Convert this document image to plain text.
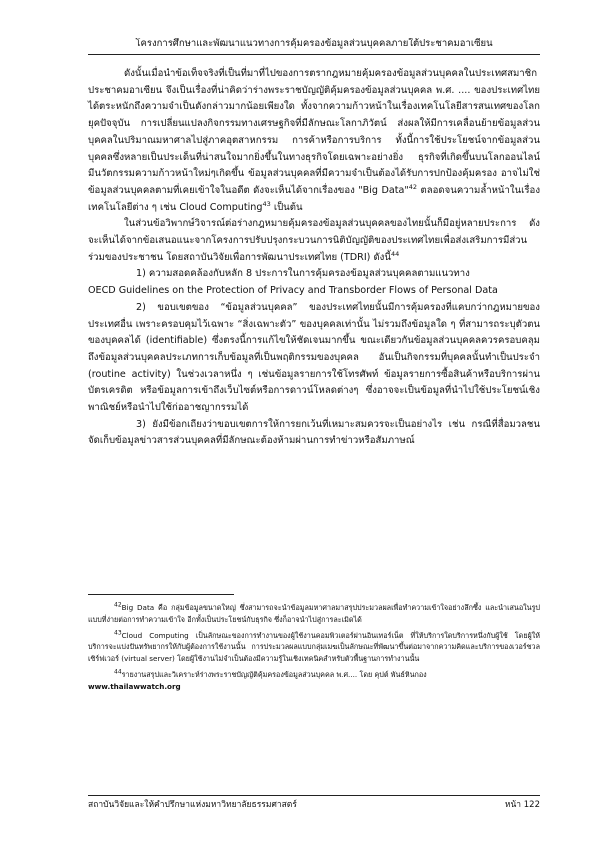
โครงการศึกษาและพัฒนาแนวทางการคุ้มครองข้อมูลส่วนบุคคลภายใต้ประชาคมอาเซียน

ดังนั้นเมื่อนำข้อเท็จจริงที่เป็นที่มาที่ไปของการตรากฎหมายคุ้มครองข้อมูลส่วนบุคคลในประเทศสมาชิกประชาคมอาเซียน จึงเป็นเรื่องที่น่าคิดว่าร่างพระราชบัญญัติคุ้มครองข้อมูลส่วนบุคคล พ.ศ. .... ของประเทศไทยได้ตระหนักถึงความจำเป็นดังกล่าวมากน้อยเพียงใด ทั้งจากความก้าวหน้าในเรื่องเทคโนโลยีสารสนเทศของโลกยุคปัจจุบัน การเปลี่ยนแปลงกิจกรรมทางเศรษฐกิจที่มีลักษณะโลกาภิวัตน์ ส่งผลให้มีการเคลื่อนย้ายข้อมูลส่วนบุคคลในปริมาณมหาศาลไปสู่ภาคอุตสาหกรรม การค้าหรือการบริการ ทั้งนี้การใช้ประโยชน์จากข้อมูลส่วนบุคคลซึ่งหลายเป็นประเด็นที่น่าสนใจมากยิ่งขึ้นในทางธุรกิจโดยเฉพาะอย่างยิ่ง ธุรกิจที่เกิดขึ้นบนโลกออนไลน์ มีนวัตกรรมความก้าวหน้าใหม่ๆเกิดขึ้น ข้อมูลส่วนบุคคลที่มีความจำเป็นต้องได้รับการปกป้องคุ้มครอง อาจไม่ใช่ข้อมูลส่วนบุคคลตามที่เคยเข้าใจในอดีต ดังจะเห็นได้จากเรื่องของ "Big Data"$^{42}$ ตลอดจนความล้ำหน้าในเรื่องเทคโนโลยีต่าง ๆ เช่น Cloud Computing$^{43}$ เป็นต้น

ในส่วนข้อวิพากษ์วิจารณ์ต่อร่างกฎหมายคุ้มครองข้อมูลส่วนบุคคลของไทยนั้นก็มีอยู่หลายประการ ดังจะเห็นได้จากข้อเสนอแนะจากโครงการปรับปรุงกระบวนการนิติบัญญัติของประเทศไทยเพื่อส่งเสริมการมีส่วนร่วมของประชาชน โดยสถาบันวิจัยเพื่อการพัฒนาประเทศไทย (TDRI) ดังนี้$^{44}$

1) ความสอดคล้องกับหลัก 8 ประการในการคุ้มครองข้อมูลส่วนบุคคลตามแนวทาง

OECD Guidelines on the Protection of Privacy and Transborder Flows of Personal Data

2) ขอบเขตของ “ข้อมูลส่วนบุคคล” ของประเทศไทยนั้นมีการคุ้มครองที่แคบกว่ากฎหมายของประเทศอื่น เพราะครอบคุมไว้เฉพาะ “สิ่งเฉพาะตัว” ของบุคคลเท่านั้น ไม่รวมถึงข้อมูลใด ๆ ที่สามารถระบุตัวตนของบุคคลได้ (identifiable) ซึ่งตรงนี้การแก้ไขให้ชัดเจนมากขึ้น ขณะเดียวกันข้อมูลส่วนบุคคลควรครอบคลุมถึงข้อมูลส่วนบุคคลประเภทการเก็บข้อมูลที่เป็นพฤติกรรมของบุคคล อันเป็นกิจกรรมที่บุคคลนั้นทำเป็นประจำ (routine activity) ในช่วงเวลาหนึ่ง ๆ เช่นข้อมูลรายการใช้โทรศัพท์ ข้อมูลรายการซื้อสินค้าหรือบริการผ่านบัตรเครดิต หรือข้อมูลการเข้าถึงเว็บไซต์หรือการดาวน์โหลดต่างๆ ซึ่งอาจจะเป็นข้อมูลที่นำไปใช้ประโยชน์เชิงพาณิชย์หรือนำไปใช้ก่ออาชญากรรมได้

3) ยังมีข้อกเถียงว่าขอบเขตการให้การยกเว้นที่เหมาะสมควรจะเป็นอย่างไร เช่น กรณีที่สื่อมวลชนจัดเก็บข้อมูลข่าวสารส่วนบุคคลที่มีลักษณะต้องห้ามผ่านการทำข่าวหรือสัมภาษณ์

$^{42}$Big Data คือ กลุ่มข้อมูลขนาดใหญ่ ซึ่งสามารถจะนำข้อมูลมหาศาลมาสรุปประมวลผลเพื่อทำความเข้าใจอย่างลึกซึ้ง และนำเสนอในรูปแบบที่ง่ายต่อการทำความเข้าใจ อีกทั้งเป็นประโยชน์กับธุรกิจ ซึ่งก็อาจนำไปสู่การละเมิดได้

$^{43}$Cloud Computing เป็นลักษณะของการทำงานของผู้ใช้งานคอมพิวเตอร์ผ่านอินเทอร์เน็ต ที่ให้บริการใดบริการหนึ่งกับผู้ใช้ โดยผู้ให้บริการจะแบ่งปันทรัพยากรให้กับผู้ต้องการใช้งานนั้น การประมวลผลแบบกลุ่มเมฆเป็นลักษณะที่พัฒนาขึ้นต่อมาจากความคิดและบริการของเวอร์ชวลเซิร์ฟเวอร์ (virtual server) โดยผู้ใช้งานไม่จำเป็นต้องมีความรู้ในเชิงเทคนิคสำหรับตัวพื้นฐานการทำงานนั้น

$^{44}$รายงานสรุปและวิเคราะห์ร่างพระราชบัญญัติคุ้มครองข้อมูลส่วนบุคคล พ.ศ.... โดย คุปต์ พันธ์หินกอง

www.thailawwatch.org

สถาบันวิจัยและให้คำปรึกษาแห่งมหาวิทยาลัยธรรมศาสตร์	หน้า 122
